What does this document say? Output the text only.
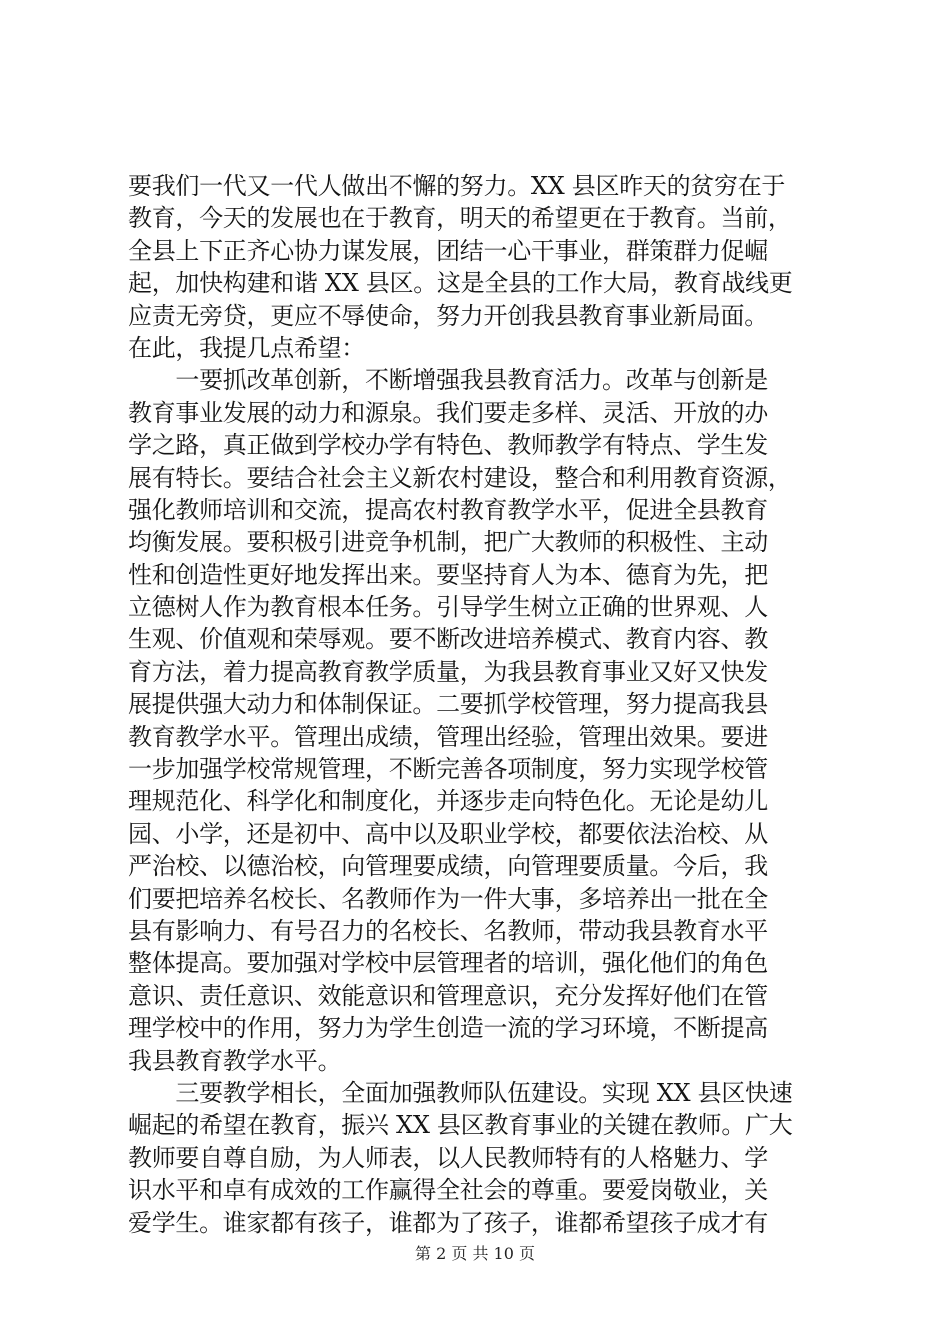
要我们一代又一代人做出不懈的努力。XX 县区昨天的贫穷在于
教育，今天的发展也在于教育，明天的希望更在于教育。当前，
全县上下正齐心协力谋发展，团结一心干事业，群策群力促崛
起，加快构建和谐 XX 县区。这是全县的工作大局，教育战线更
应责无旁贷，更应不辱使命，努力开创我县教育事业新局面。
在此，我提几点希望：
　　一要抓改革创新，不断增强我县教育活力。改革与创新是
教育事业发展的动力和源泉。我们要走多样、灵活、开放的办
学之路，真正做到学校办学有特色、教师教学有特点、学生发
展有特长。要结合社会主义新农村建设，整合和利用教育资源，
强化教师培训和交流，提高农村教育教学水平，促进全县教育
均衡发展。要积极引进竞争机制，把广大教师的积极性、主动
性和创造性更好地发挥出来。要坚持育人为本、德育为先，把
立德树人作为教育根本任务。引导学生树立正确的世界观、人
生观、价值观和荣辱观。要不断改进培养模式、教育内容、教
育方法，着力提高教育教学质量，为我县教育事业又好又快发
展提供强大动力和体制保证。二要抓学校管理，努力提高我县
教育教学水平。管理出成绩，管理出经验，管理出效果。要进
一步加强学校常规管理，不断完善各项制度，努力实现学校管
理规范化、科学化和制度化，并逐步走向特色化。无论是幼儿
园、小学，还是初中、高中以及职业学校，都要依法治校、从
严治校、以德治校，向管理要成绩，向管理要质量。今后，我
们要把培养名校长、名教师作为一件大事，多培养出一批在全
县有影响力、有号召力的名校长、名教师，带动我县教育水平
整体提高。要加强对学校中层管理者的培训，强化他们的角色
意识、责任意识、效能意识和管理意识，充分发挥好他们在管
理学校中的作用，努力为学生创造一流的学习环境，不断提高
我县教育教学水平。
　　三要教学相长，全面加强教师队伍建设。实现 XX 县区快速
崛起的希望在教育，振兴 XX 县区教育事业的关键在教师。广大
教师要自尊自励，为人师表，以人民教师特有的人格魅力、学
识水平和卓有成效的工作赢得全社会的尊重。要爱岗敬业，关
爱学生。谁家都有孩子，谁都为了孩子，谁都希望孩子成才有
第 2 页 共 10 页
